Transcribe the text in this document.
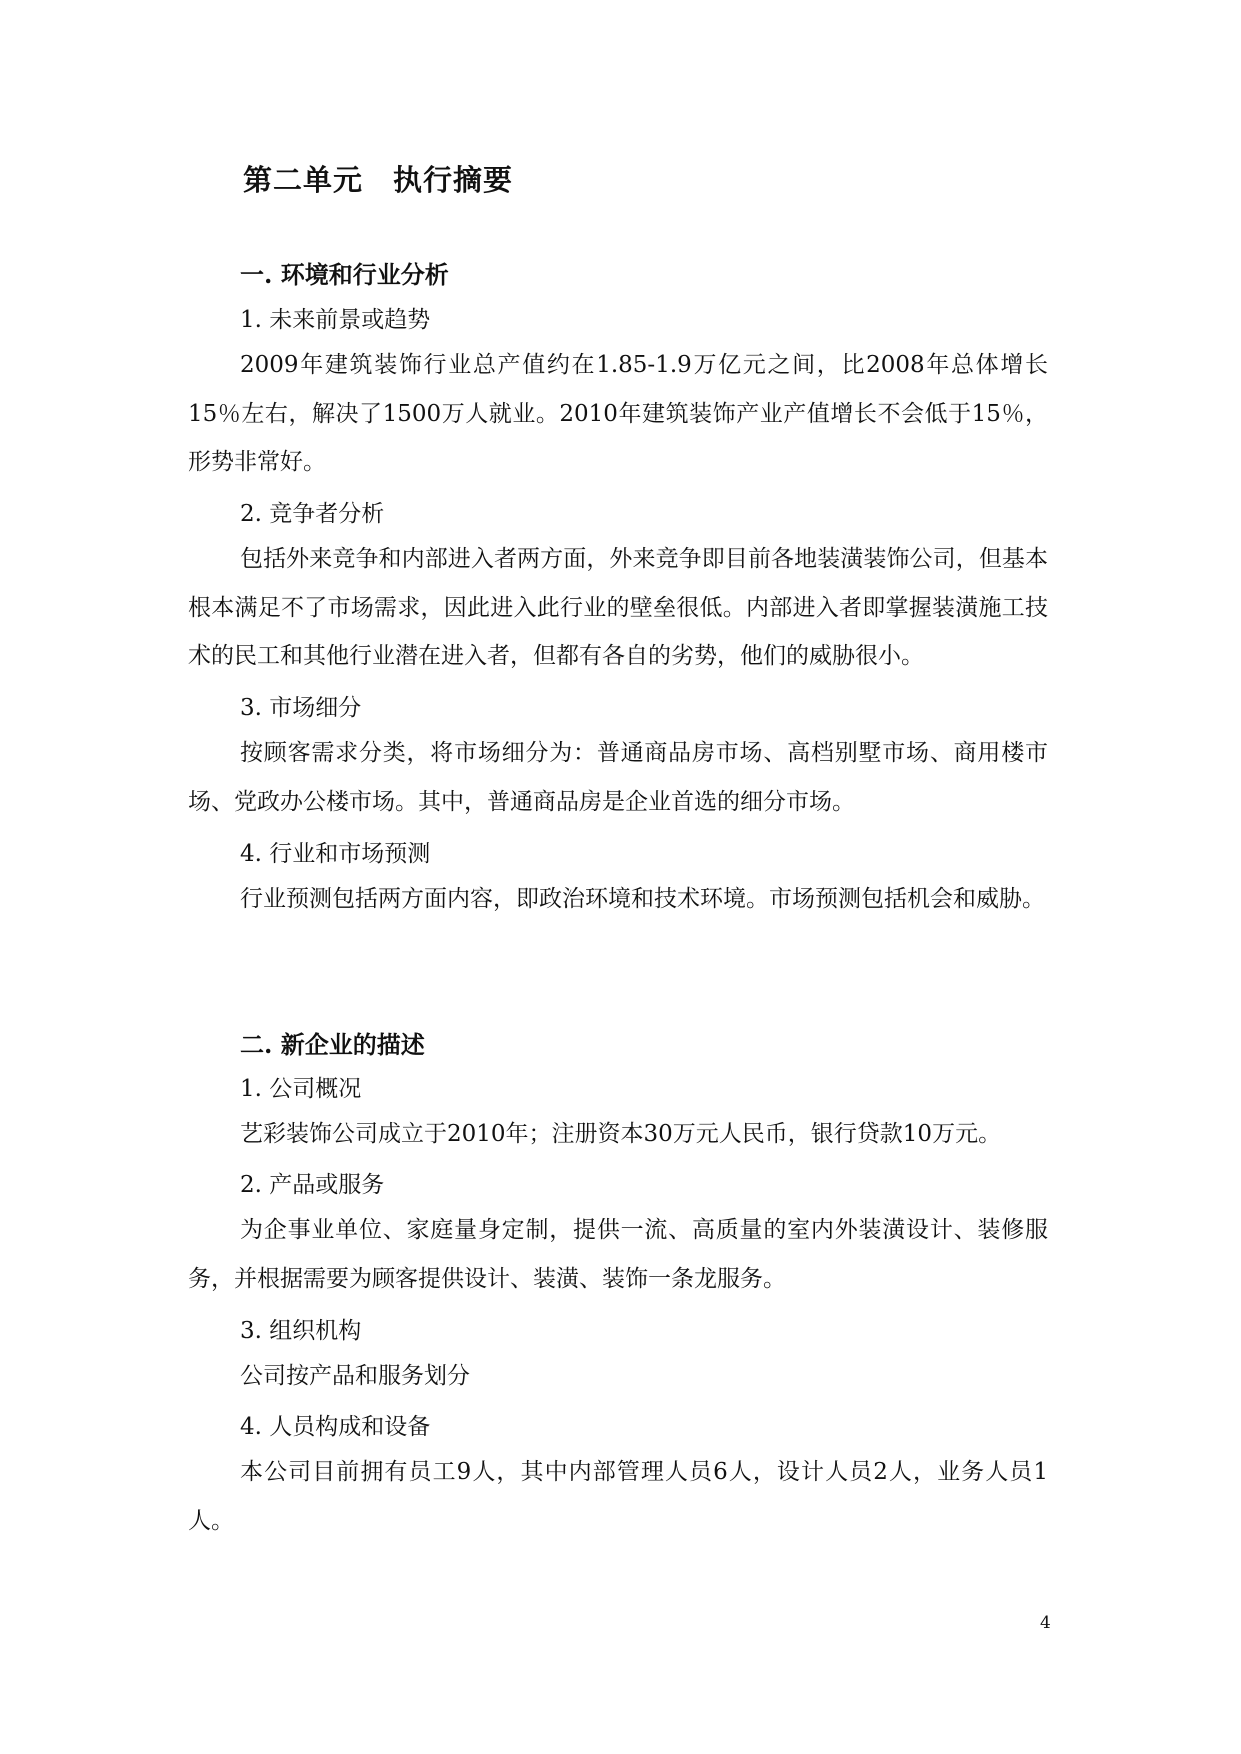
第二单元　执行摘要
一. 环境和行业分析
1. 未来前景或趋势

2009年建筑装饰行业总产值约在1.85-1.9万亿元之间，比2008年总体增长15％左右，解决了1500万人就业。2010年建筑装饰产业产值增长不会低于15％，形势非常好。

2. 竞争者分析

包括外来竞争和内部进入者两方面，外来竞争即目前各地装潢装饰公司，但基本根本满足不了市场需求，因此进入此行业的壁垒很低。内部进入者即掌握装潢施工技术的民工和其他行业潜在进入者，但都有各自的劣势，他们的威胁很小。

3. 市场细分

按顾客需求分类，将市场细分为：普通商品房市场、高档别墅市场、商用楼市场、党政办公楼市场。其中，普通商品房是企业首选的细分市场。

4. 行业和市场预测

行业预测包括两方面内容，即政治环境和技术环境。市场预测包括机会和威胁。

二. 新企业的描述
1. 公司概况

艺彩装饰公司成立于2010年；注册资本30万元人民币，银行贷款10万元。

2. 产品或服务

为企事业单位、家庭量身定制，提供一流、高质量的室内外装潢设计、装修服务，并根据需要为顾客提供设计、装潢、装饰一条龙服务。

3. 组织机构

公司按产品和服务划分

4. 人员构成和设备

本公司目前拥有员工9人，其中内部管理人员6人，设计人员2人，业务人员1人。

4
